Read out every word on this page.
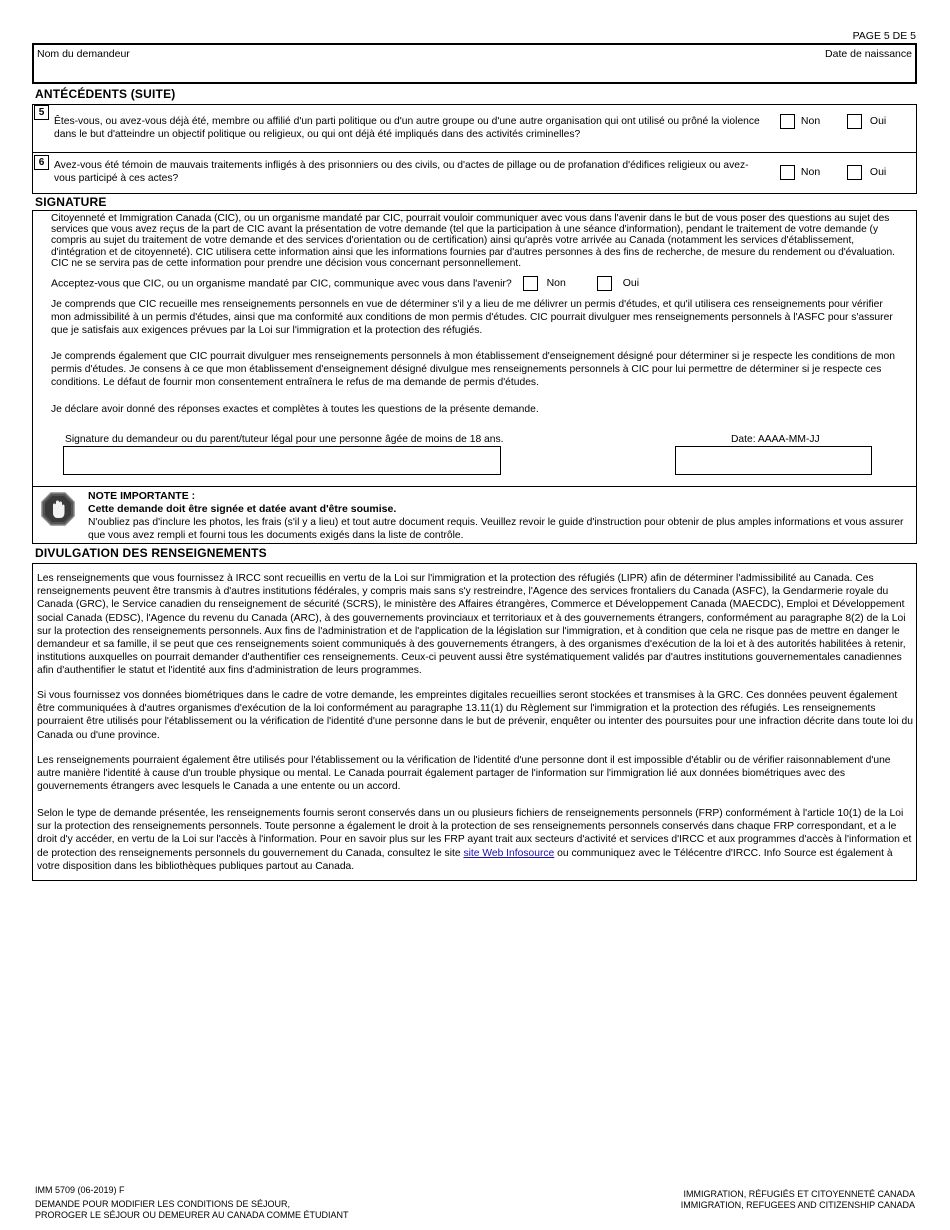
PAGE 5 DE 5
Nom du demandeur	Date de naissance
ANTÉCÉDENTS (SUITE)
5
Êtes-vous, ou avez-vous déjà été, membre ou affilié d'un parti politique ou d'un autre groupe ou d'une autre organisation qui ont utilisé ou prôné la violence dans le but d'atteindre un objectif politique ou religieux, ou qui ont déjà été impliqués dans des activités criminelles?
Non	Oui
6 Avez-vous été témoin de mauvais traitements infligés à des prisonniers ou des civils, ou d'actes de pillage ou de profanation d'édifices religieux ou avez-vous participé à ces actes?
Non	Oui
SIGNATURE
Citoyenneté et Immigration Canada (CIC), ou un organisme mandaté par CIC, pourrait vouloir communiquer avec vous dans l'avenir dans le but de vous poser des questions au sujet des services que vous avez reçus de la part de CIC avant la présentation de votre demande (tel que la participation à une séance d'information), pendant le traitement de votre demande (y compris au sujet du traitement de votre demande et des services d'orientation ou de certification) ainsi qu'après votre arrivée au Canada (notamment les services d'établissement, d'intégration et de citoyenneté). CIC utilisera cette information ainsi que les informations fournies par d'autres personnes à des fins de recherche, de mesure du rendement ou d'évaluation. CIC ne se servira pas de cette information pour prendre une décision vous concernant personnellement.
Acceptez-vous que CIC, ou un organisme mandaté par CIC, communique avec vous dans l'avenir?	Non	Oui
Je comprends que CIC recueille mes renseignements personnels en vue de déterminer s'il y a lieu de me délivrer un permis d'études, et qu'il utilisera ces renseignements pour vérifier mon admissibilité à un permis d'études, ainsi que ma conformité aux conditions de mon permis d'études. CIC pourrait divulguer mes renseignements personnels à l'ASFC pour s'assurer que je satisfais aux exigences prévues par la Loi sur l'immigration et la protection des réfugiés.
Je comprends également que CIC pourrait divulguer mes renseignements personnels à mon établissement d'enseignement désigné pour déterminer si je respecte les conditions de mon permis d'études. Je consens à ce que mon établissement d'enseignement désigné divulgue mes renseignements personnels à CIC pour lui permettre de déterminer si je respecte ces conditions. Le défaut de fournir mon consentement entraînera le refus de ma demande de permis d'études.
Je déclare avoir donné des réponses exactes et complètes à toutes les questions de la présente demande.
Signature du demandeur ou du parent/tuteur légal pour une personne âgée de moins de 18 ans.	Date: AAAA-MM-JJ
NOTE IMPORTANTE :
Cette demande doit être signée et datée avant d'être soumise.
N'oubliez pas d'inclure les photos, les frais (s'il y a lieu) et tout autre document requis. Veuillez revoir le guide d'instruction pour obtenir de plus amples informations et vous assurer que vous avez rempli et fourni tous les documents exigés dans la liste de contrôle.
DIVULGATION DES RENSEIGNEMENTS
Les renseignements que vous fournissez à IRCC sont recueillis en vertu de la Loi sur l'immigration et la protection des réfugiés (LIPR) afin de déterminer l'admissibilité au Canada. Ces renseignements peuvent être transmis à d'autres institutions fédérales, y compris mais sans s'y restreindre, l'Agence des services frontaliers du Canada (ASFC), la Gendarmerie royale du Canada (GRC), le Service canadien du renseignement de sécurité (SCRS), le ministère des Affaires étrangères, Commerce et Développement Canada (MAECDC), Emploi et Développement social Canada (EDSC), l'Agence du revenu du Canada (ARC), à des gouvernements provinciaux et territoriaux et à des gouvernements étrangers, conformément au paragraphe 8(2) de la Loi sur la protection des renseignements personnels. Aux fins de l'administration et de l'application de la législation sur l'immigration, et à condition que cela ne risque pas de mettre en danger le demandeur et sa famille, il se peut que ces renseignements soient communiqués à des gouvernements étrangers, à des organismes d'exécution de la loi et à des autorités habilitées à retenir, institutions auxquelles on pourrait demander d'authentifier ces renseignements. Ceux-ci peuvent aussi être systématiquement validés par d'autres institutions gouvernementales canadiennes afin d'authentifier le statut et l'identité aux fins d'administration de leurs programmes.
Si vous fournissez vos données biométriques dans le cadre de votre demande, les empreintes digitales recueillies seront stockées et transmises à la GRC. Ces données peuvent également être communiquées à d'autres organismes d'exécution de la loi conformément au paragraphe 13.11(1) du Règlement sur l'immigration et la protection des réfugiés. Les renseignements pourraient être utilisés pour l'établissement ou la vérification de l'identité d'une personne dans le but de prévenir, enquêter ou intenter des poursuites pour une infraction décrite dans toute loi du Canada ou d'une province.
Les renseignements pourraient également être utilisés pour l'établissement ou la vérification de l'identité d'une personne dont il est impossible d'établir ou de vérifier raisonnablement d'une autre manière l'identité à cause d'un trouble physique ou mental. Le Canada pourrait également partager de l'information sur l'immigration lié aux données biométriques avec des gouvernements étrangers avec lesquels le Canada a une entente ou un accord.
Selon le type de demande présentée, les renseignements fournis seront conservés dans un ou plusieurs fichiers de renseignements personnels (FRP) conformément à l'article 10(1) de la Loi sur la protection des renseignements personnels. Toute personne a également le droit à la protection de ses renseignements personnels conservés dans chaque FRP correspondant, et a le droit d'y accéder, en vertu de la Loi sur l'accès à l'information. Pour en savoir plus sur les FRP ayant trait aux secteurs d'activité et services d'IRCC et aux programmes d'accès à l'information et de protection des renseignements personnels du gouvernement du Canada, consultez le site site Web Infosource ou communiquez avec le Télécentre d'IRCC. Info Source est également à votre disposition dans les bibliothèques publiques partout au Canada.
IMM 5709 (06-2019) F
DEMANDE POUR MODIFIER LES CONDITIONS DE SÉJOUR,
PROROGER LE SÉJOUR OU DEMEURER AU CANADA COMME ÉTUDIANT
IMMIGRATION, RÉFUGIÉS ET CITOYENNETÉ CANADA
IMMIGRATION, REFUGEES AND CITIZENSHIP CANADA
